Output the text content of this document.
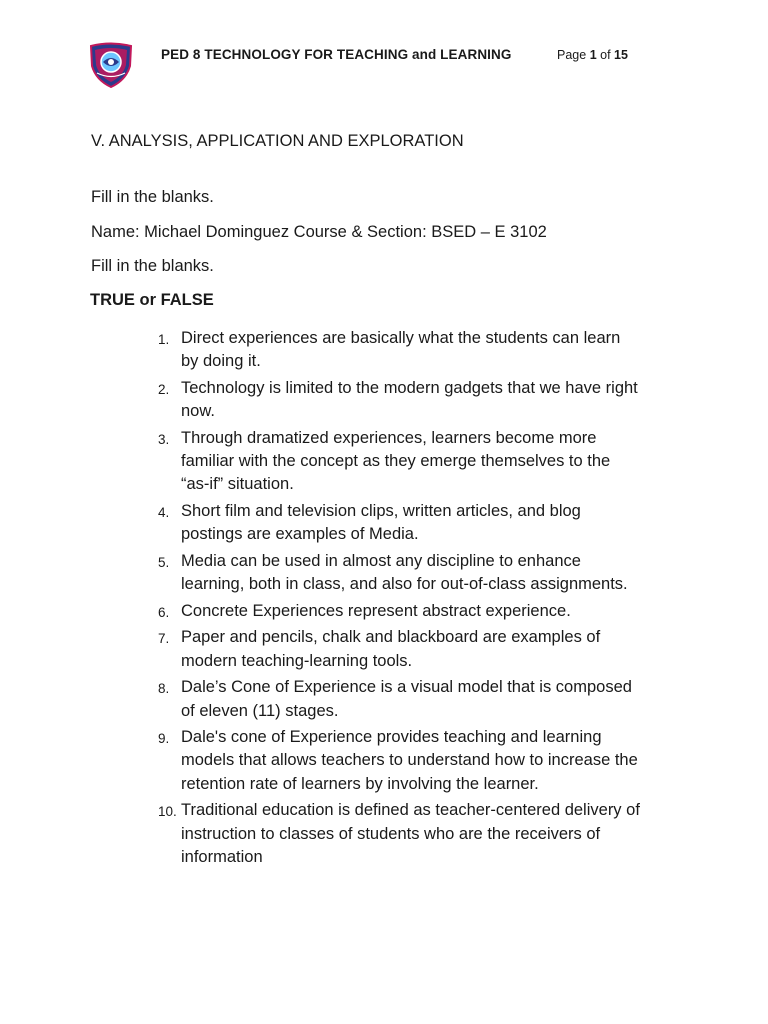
PED 8 TECHNOLOGY FOR TEACHING and LEARNING	Page 1 of 15
V. ANALYSIS, APPLICATION AND EXPLORATION
Fill in the blanks.
Name: Michael Dominguez Course & Section: BSED – E 3102
Fill in the blanks.
TRUE or FALSE
1. Direct experiences are basically what the students can learn
by doing it.
2. Technology is limited to the modern gadgets that we have right
now.
3. Through dramatized experiences, learners become more
familiar with the concept as they emerge themselves to the
“as-if” situation.
4. Short film and television clips, written articles, and blog
postings are examples of Media.
5. Media can be used in almost any discipline to enhance
learning, both in class, and also for out-of-class assignments.
6. Concrete Experiences represent abstract experience.
7. Paper and pencils, chalk and blackboard are examples of
modern teaching-learning tools.
8. Dale’s Cone of Experience is a visual model that is composed
of eleven (11) stages.
9. Dale's cone of Experience provides teaching and learning
models that allows teachers to understand how to increase the
retention rate of learners by involving the learner.
10. Traditional education is defined as teacher-centered delivery of
instruction to classes of students who are the receivers of
information
